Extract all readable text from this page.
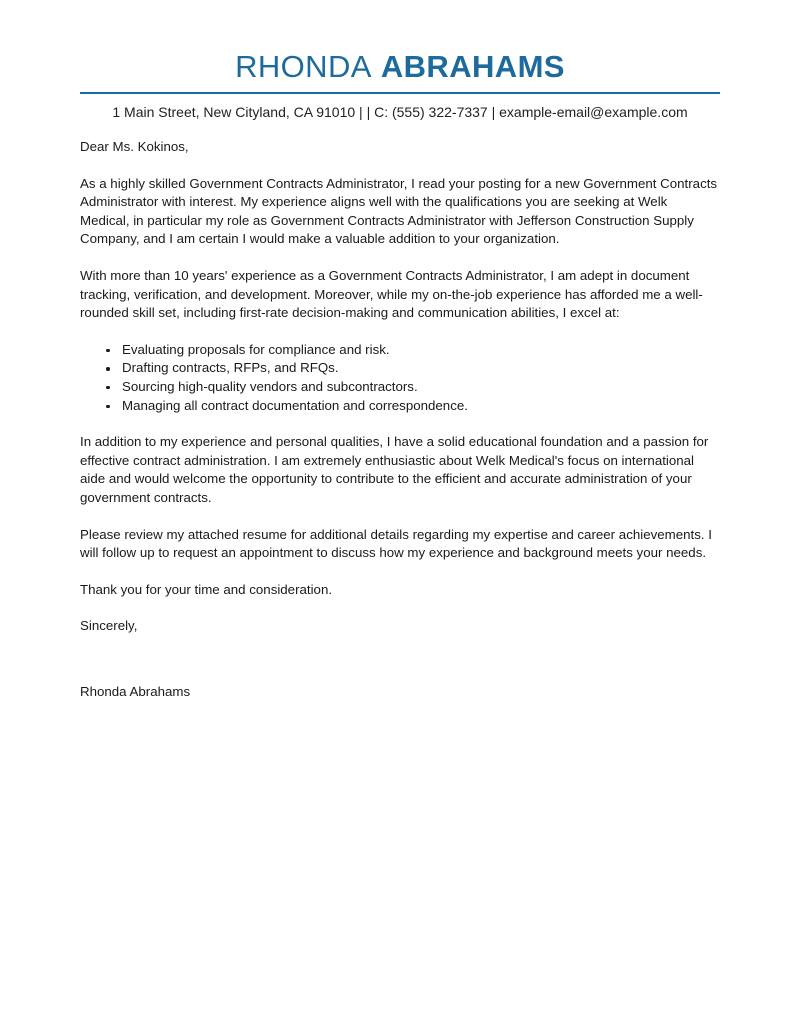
RHONDA ABRAHAMS
1 Main Street, New Cityland, CA 91010 | | C: (555) 322-7337 | example-email@example.com

Dear Ms. Kokinos,

As a highly skilled Government Contracts Administrator, I read your posting for a new Government Contracts Administrator with interest. My experience aligns well with the qualifications you are seeking at Welk Medical, in particular my role as Government Contracts Administrator with Jefferson Construction Supply Company, and I am certain I would make a valuable addition to your organization.

With more than 10 years' experience as a Government Contracts Administrator, I am adept in document tracking, verification, and development. Moreover, while my on-the-job experience has afforded me a well-rounded skill set, including first-rate decision-making and communication abilities, I excel at:

Evaluating proposals for compliance and risk.
Drafting contracts, RFPs, and RFQs.
Sourcing high-quality vendors and subcontractors.
Managing all contract documentation and correspondence.

In addition to my experience and personal qualities, I have a solid educational foundation and a passion for effective contract administration. I am extremely enthusiastic about Welk Medical's focus on international aide and would welcome the opportunity to contribute to the efficient and accurate administration of your government contracts.

Please review my attached resume for additional details regarding my expertise and career achievements. I will follow up to request an appointment to discuss how my experience and background meets your needs.

Thank you for your time and consideration.

Sincerely,

Rhonda Abrahams
